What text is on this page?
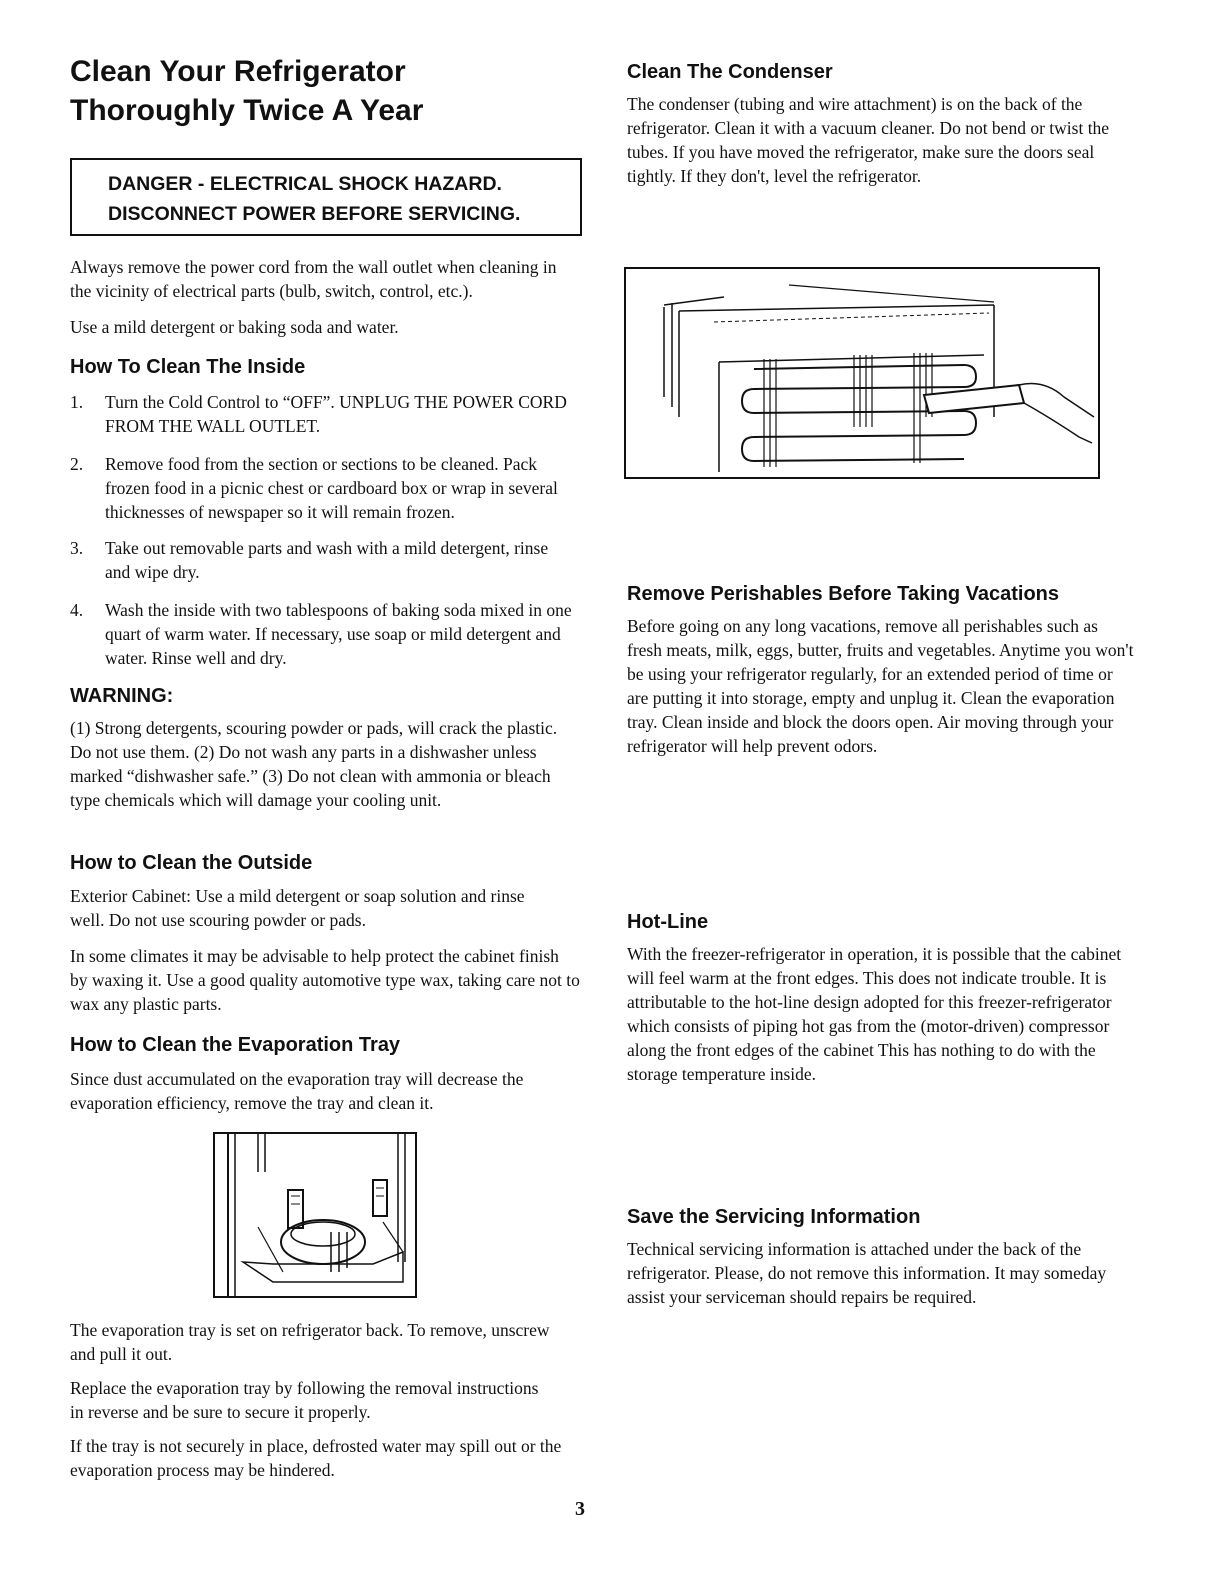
Clean Your Refrigerator
Thoroughly Twice A Year
DANGER - ELECTRICAL SHOCK HAZARD.
DISCONNECT POWER BEFORE SERVICING.

Always remove the power cord from the wall outlet when cleaning in the vicinity of electrical parts (bulb, switch, control, etc.).

Use a mild detergent or baking soda and water.

How To Clean The Inside
1. Turn the Cold Control to “OFF”. UNPLUG THE POWER CORD FROM THE WALL OUTLET.
2. Remove food from the section or sections to be cleaned. Pack frozen food in a picnic chest or cardboard box or wrap in several thicknesses of newspaper so it will remain frozen.
3. Take out removable parts and wash with a mild detergent, rinse and wipe dry.
4. Wash the inside with two tablespoons of baking soda mixed in one quart of warm water. If necessary, use soap or mild detergent and water. Rinse well and dry.
WARNING:

(1) Strong detergents, scouring powder or pads, will crack the plastic. Do not use them. (2) Do not wash any parts in a dishwasher unless marked “dishwasher safe.” (3) Do not clean with ammonia or bleach type chemicals which will damage your cooling unit.

How to Clean the Outside

Exterior Cabinet: Use a mild detergent or soap solution and rinse well. Do not use scouring powder or pads.

In some climates it may be advisable to help protect the cabinet finish by waxing it. Use a good quality automotive type wax, taking care not to wax any plastic parts.

How to Clean the Evaporation Tray

Since dust accumulated on the evaporation tray will decrease the evaporation efficiency, remove the tray and clean it.

The evaporation tray is set on refrigerator back. To remove, unscrew and pull it out.

Replace the evaporation tray by following the removal instructions in reverse and be sure to secure it properly.

If the tray is not securely in place, defrosted water may spill out or the evaporation process may be hindered.

3
Clean The Condenser

The condenser (tubing and wire attachment) is on the back of the refrigerator. Clean it with a vacuum cleaner. Do not bend or twist the tubes. If you have moved the refrigerator, make sure the doors seal tightly. If they don't, level the refrigerator.

Remove Perishables Before Taking Vacations

Before going on any long vacations, remove all perishables such as fresh meats, milk, eggs, butter, fruits and vegetables. Anytime you won't be using your refrigerator regularly, for an extended period of time or are putting it into storage, empty and unplug it. Clean the evaporation tray. Clean inside and block the doors open. Air moving through your refrigerator will help prevent odors.

Hot-Line

With the freezer-refrigerator in operation, it is possible that the cabinet will feel warm at the front edges. This does not indicate trouble. It is attributable to the hot-line design adopted for this freezer-refrigerator which consists of piping hot gas from the (motor-driven) compressor along the front edges of the cabinet This has nothing to do with the storage temperature inside.

Save the Servicing Information

Technical servicing information is attached under the back of the refrigerator. Please, do not remove this information. It may someday assist your serviceman should repairs be required.
